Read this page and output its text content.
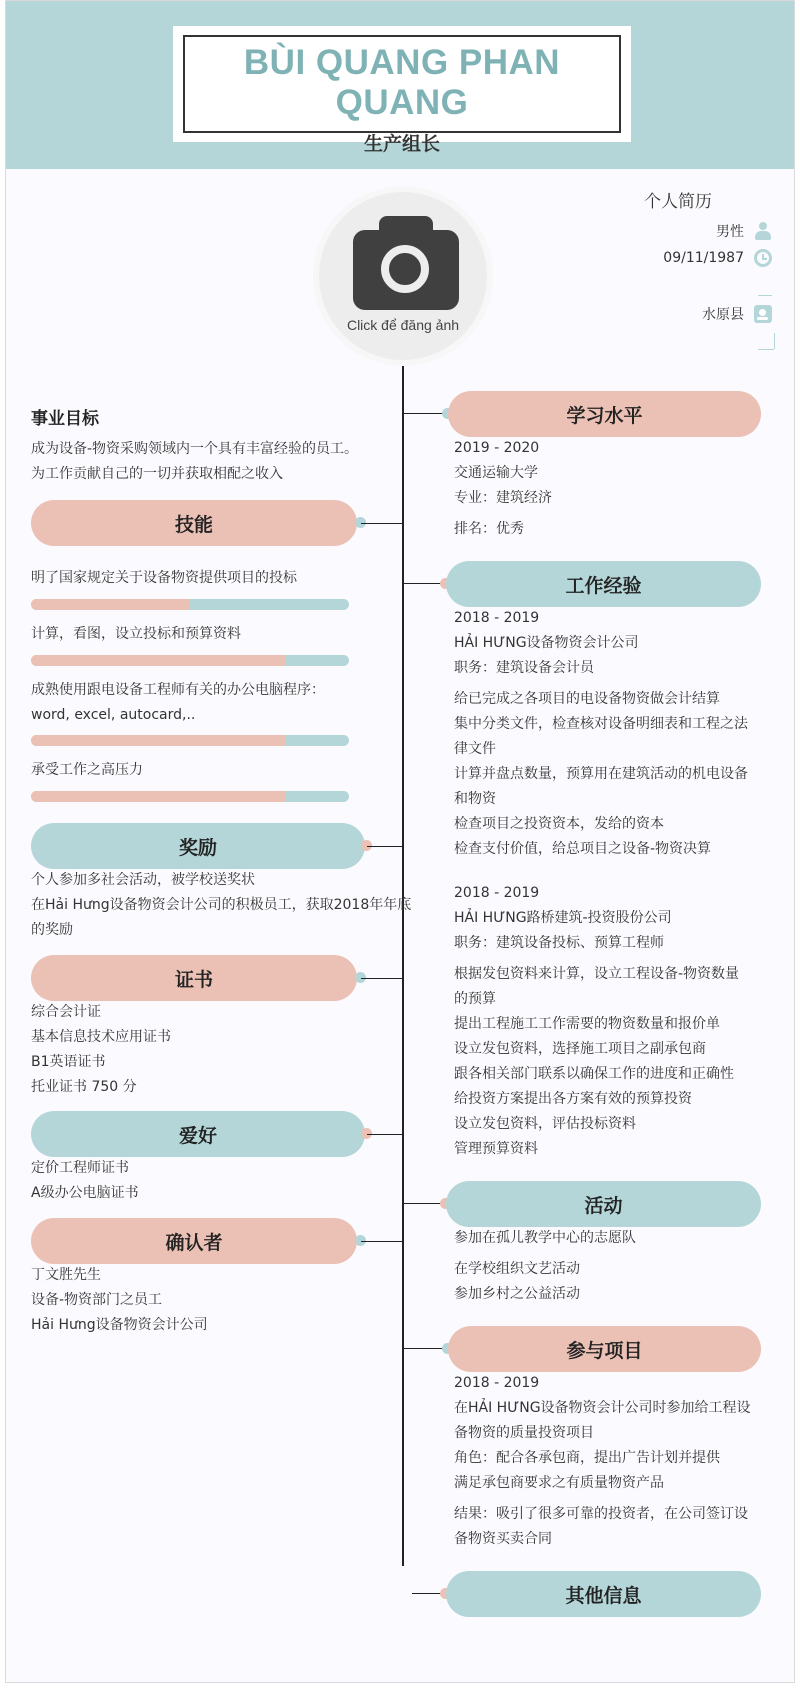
BÙI QUANG PHAN QUANG
生产组长
Click để đăng ảnh
个人简历
男性
09/11/1987
水原县
事业目标
成为设备-物资采购领域内一个具有丰富经验的员工。
为工作贡献自己的一切并获取相配之收入
技能
明了国家规定关于设备物资提供项目的投标
计算，看图，设立投标和预算资料
成熟使用跟电设备工程师有关的办公电脑程序：
word, excel, autocard,..
承受工作之高压力
奖励
个人参加多社会活动，被学校送奖状
在Hải Hưng设备物资会计公司的积极员工，获取2018年年底
的奖励
证书
综合会计证
基本信息技术应用证书
B1英语证书
托业证书 750 分
爱好
定价工程师证书
A级办公电脑证书
确认者
丁文胜先生
设备-物资部门之员工
Hải Hưng设备物资会计公司
学习水平
2019 - 2020
交通运输大学
专业：建筑经济
排名：优秀
工作经验
2018 - 2019
HẢI HƯNG设备物资会计公司
职务：建筑设备会计员
给已完成之各项目的电设备物资做会计结算
集中分类文件，检查核对设备明细表和工程之法
律文件
计算并盘点数量，预算用在建筑活动的机电设备
和物资
检查项目之投资资本，发给的资本
检查支付价值，给总项目之设备-物资决算
2018 - 2019
HẢI HƯNG路桥建筑-投资股份公司
职务：建筑设备投标、预算工程师
根据发包资料来计算，设立工程设备-物资数量
的预算
提出工程施工工作需要的物资数量和报价单
设立发包资料，选择施工项目之副承包商
跟各相关部门联系以确保工作的进度和正确性
给投资方案提出各方案有效的预算投资
设立发包资料，评估投标资料
管理预算资料
活动
参加在孤儿教学中心的志愿队
在学校组织文艺活动
参加乡村之公益活动
参与项目
2018 - 2019
在HẢI HƯNG设备物资会计公司时参加给工程设
备物资的质量投资项目
角色：配合各承包商，提出广告计划并提供
满足承包商要求之有质量物资产品
结果：吸引了很多可靠的投资者，在公司签订设
备物资买卖合同
其他信息
